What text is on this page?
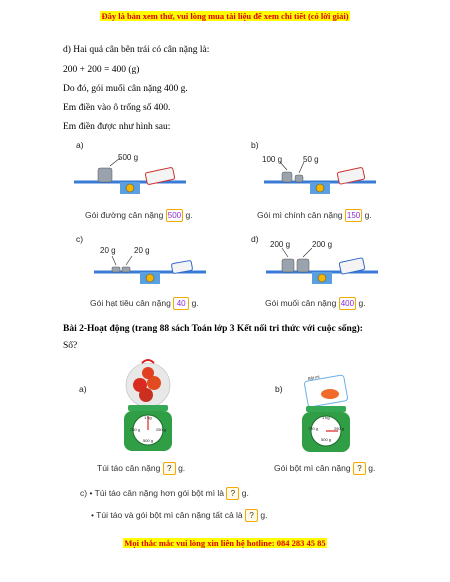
Đây là bản xem thử, vui lòng mua tài liệu để xem chi tiết (có lời giải)
d) Hai quả cân bên trái có cân nặng là:
200 + 200 = 400 (g)
Do đó, gói muối cân nặng 400 g.
Em điền vào ô trống số 400.
Em điền được như hình sau:
a)
500 g
Gói đường cân nặng 500 g.
b)
100 g	50 g
Gói mì chính cân nặng 150 g.
c)
20 g 20 g
Gói hạt tiêu cân nặng 40 g.
d)
200 g	200 g
Gói muối cân nặng 400 g.
Bài 2-Hoạt động (trang 88 sách Toán lớp 3 Kết nối tri thức với cuộc sống):
Số?
a)
1 kg
750 g	250 g
500 g
b)
Bột mì
1 kg
750 g	250 g
500 g
Túi táo cân nặng ? g.	Gói bột mì cân nặng ? g.
c) • Túi táo cân nặng hơn gói bột mì là ? g.
• Túi táo và gói bột mì cân nặng tất cả là ? g.
Mọi thắc mắc vui lòng xin liên hệ hotline: 084 283 45 85
